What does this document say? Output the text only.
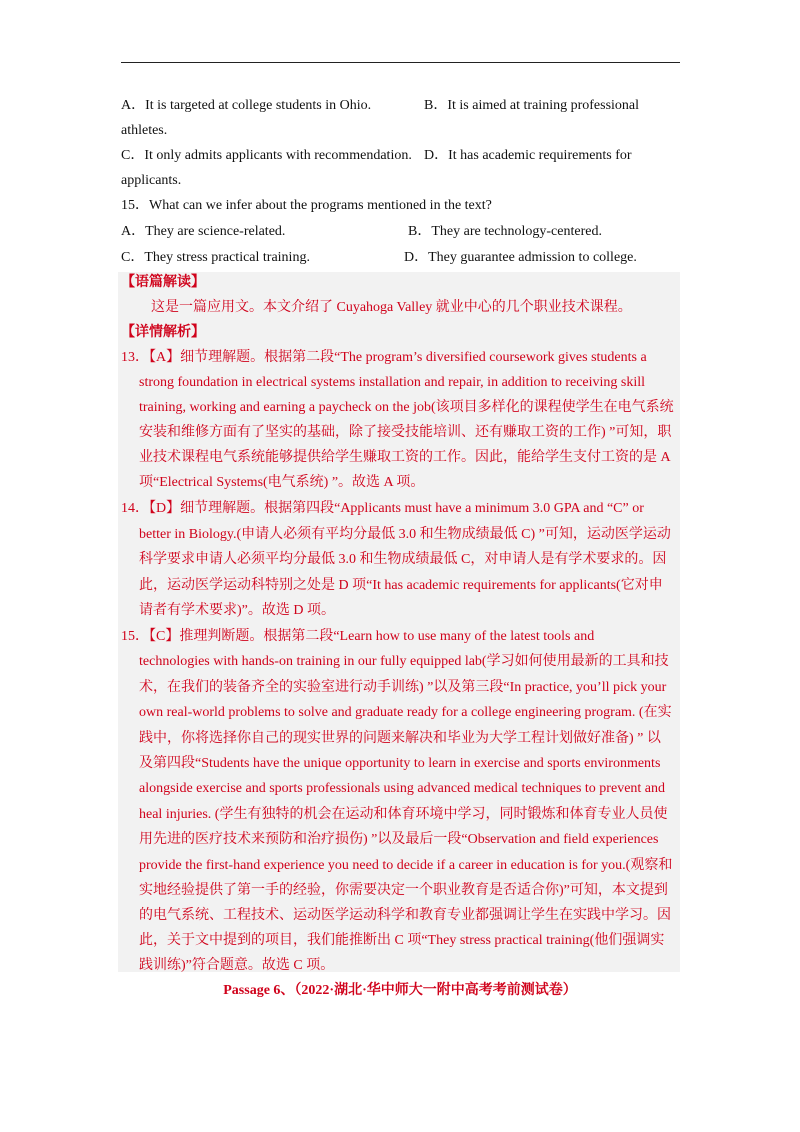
A．It is targeted at college students in Ohio.	B．It is aimed at training professional
athletes.
C．It only admits applicants with recommendation. D．It has academic requirements for
applicants.
15．What can we infer about the programs mentioned in the text?
A．They are science-related.	B．They are technology-centered.
C．They stress practical training.	D．They guarantee admission to college.
【语篇解读】
这是一篇应用文。本文介绍了 Cuyahoga Valley 就业中心的几个职业技术课程。
【详情解析】
13．【A】细节理解题。根据第二段“The program’s diversified coursework gives students a
strong foundation in electrical systems installation and repair, in addition to receiving skill
training, working and earning a paycheck on the job(该项目多样化的课程使学生在电气系统
安装和维修方面有了坚实的基础，除了接受技能培训、还有赚取工资的工作) ”可知，职
业技术课程电气系统能够提供给学生赚取工资的工作。因此，能给学生支付工资的是 A
项“Electrical Systems(电气系统) ”。故选 A 项。
14．【D】细节理解题。根据第四段“Applicants must have a minimum 3.0 GPA and “C” or
better in Biology.(申请人必须有平均分最低 3.0 和生物成绩最低 C) ”可知，运动医学运动
科学要求申请人必须平均分最低 3.0 和生物成绩最低 C，对申请人是有学术要求的。因
此，运动医学运动科特别之处是 D 项“It has academic requirements for applicants(它对申
请者有学术要求)”。故选 D 项。
15．【C】推理判断题。根据第二段“Learn how to use many of the latest tools and
technologies with hands-on training in our fully equipped lab(学习如何使用最新的工具和技
术，在我们的装备齐全的实验室进行动手训练) ”以及第三段“In practice, you’ll pick your
own real-world problems to solve and graduate ready for a college engineering program. (在实
践中，你将选择你自己的现实世界的问题来解决和毕业为大学工程计划做好准备) ” 以
及第四段“Students have the unique opportunity to learn in exercise and sports environments
alongside exercise and sports professionals using advanced medical techniques to prevent and
heal injuries. (学生有独特的机会在运动和体育环境中学习，同时锻炼和体育专业人员使
用先进的医疗技术来预防和治疗损伤) ”以及最后一段“Observation and field experiences
provide the first-hand experience you need to decide if a career in education is for you.(观察和
实地经验提供了第一手的经验，你需要决定一个职业教育是否适合你)”可知，本文提到
的电气系统、工程技术、运动医学运动科学和教育专业都强调让学生在实践中学习。因
此，关于文中提到的项目，我们能推断出 C 项“They stress practical training(他们强调实
践训练)”符合题意。故选 C 项。
Passage 6、（2022·湖北·华中师大一附中高考考前测试卷）
